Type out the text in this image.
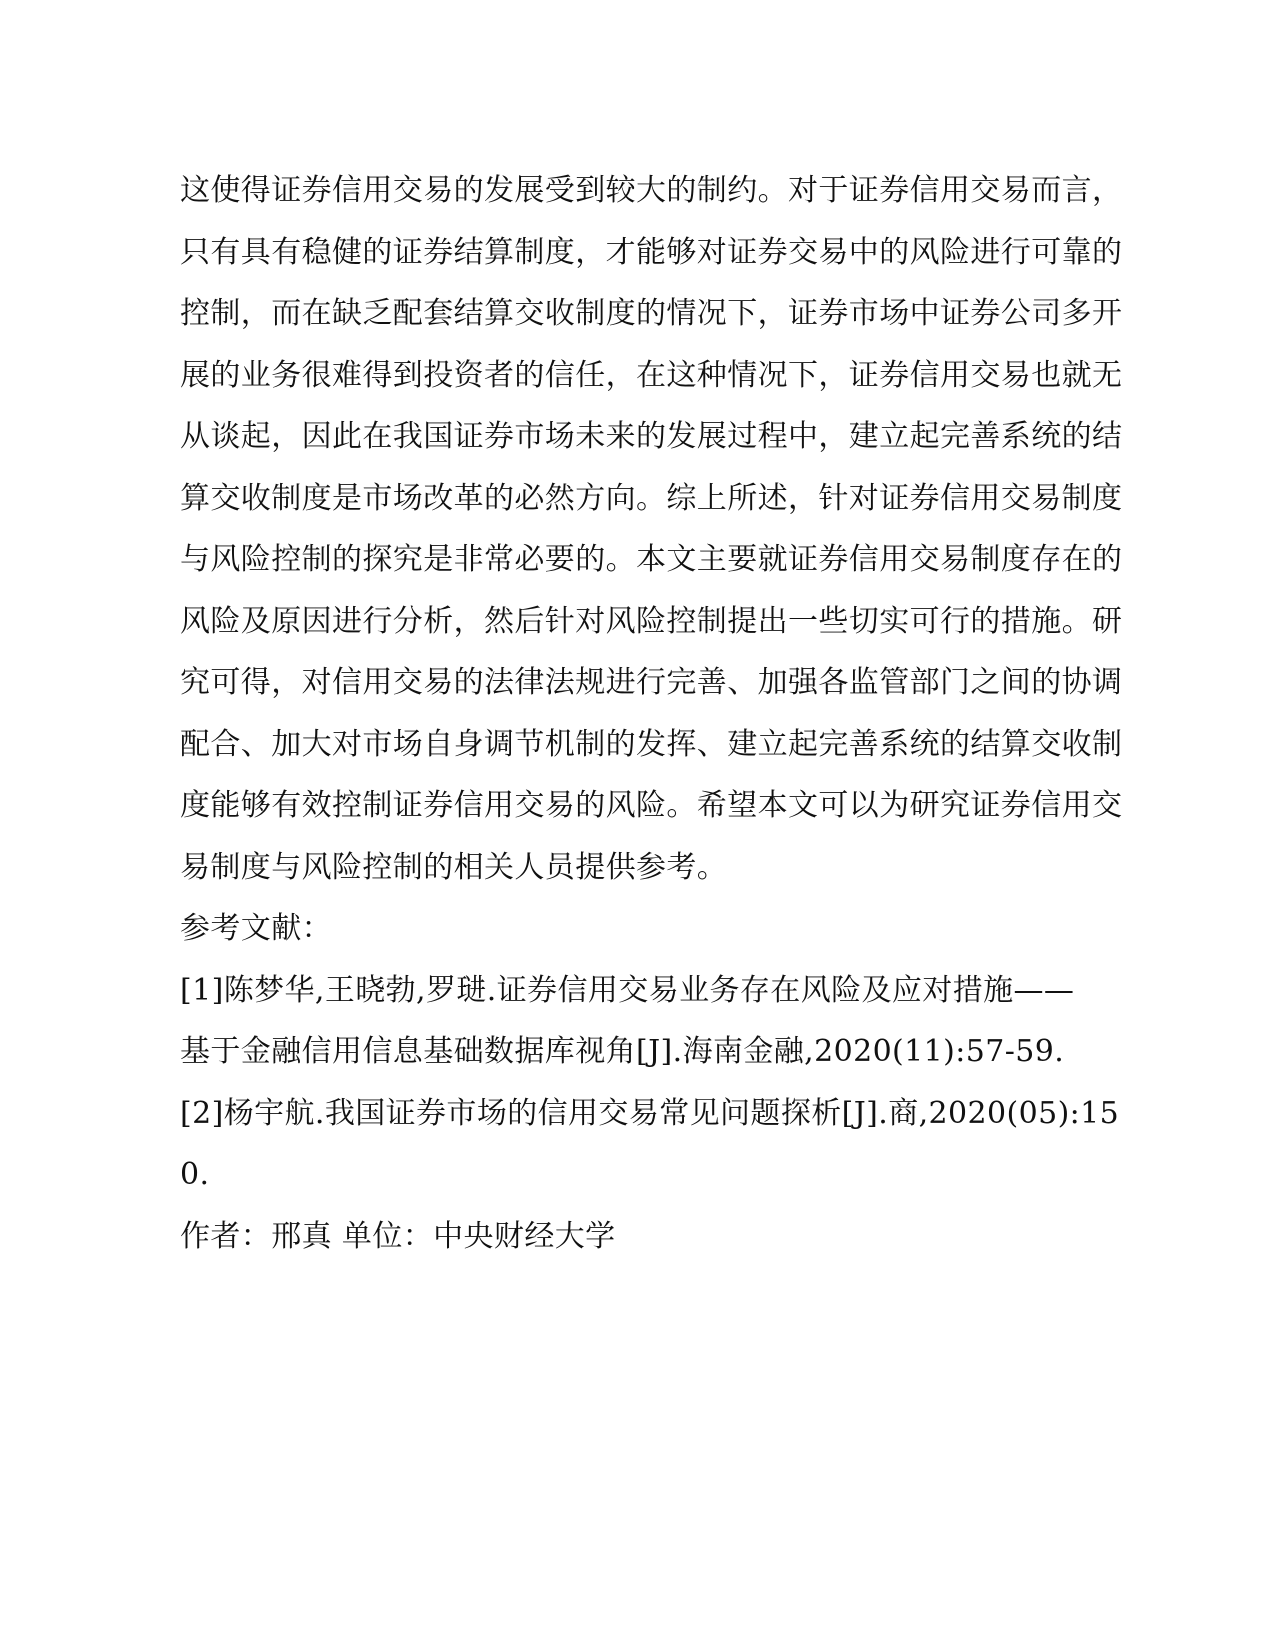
这使得证券信用交易的发展受到较大的制约。对于证券信用交易而言，
只有具有稳健的证券结算制度，才能够对证券交易中的风险进行可靠的
控制，而在缺乏配套结算交收制度的情况下，证券市场中证券公司多开
展的业务很难得到投资者的信任，在这种情况下，证券信用交易也就无
从谈起，因此在我国证券市场未来的发展过程中，建立起完善系统的结
算交收制度是市场改革的必然方向。综上所述，针对证券信用交易制度
与风险控制的探究是非常必要的。本文主要就证券信用交易制度存在的
风险及原因进行分析，然后针对风险控制提出一些切实可行的措施。研
究可得，对信用交易的法律法规进行完善、加强各监管部门之间的协调
配合、加大对市场自身调节机制的发挥、建立起完善系统的结算交收制
度能够有效控制证券信用交易的风险。希望本文可以为研究证券信用交
易制度与风险控制的相关人员提供参考。
参考文献：
[1]陈梦华,王晓勃,罗琎.证券信用交易业务存在风险及应对措施——
基于金融信用信息基础数据库视角[J].海南金融,2020(11):57-59.
[2]杨宇航.我国证券市场的信用交易常见问题探析[J].商,2020(05):15
0.
作者：邢真 单位：中央财经大学
